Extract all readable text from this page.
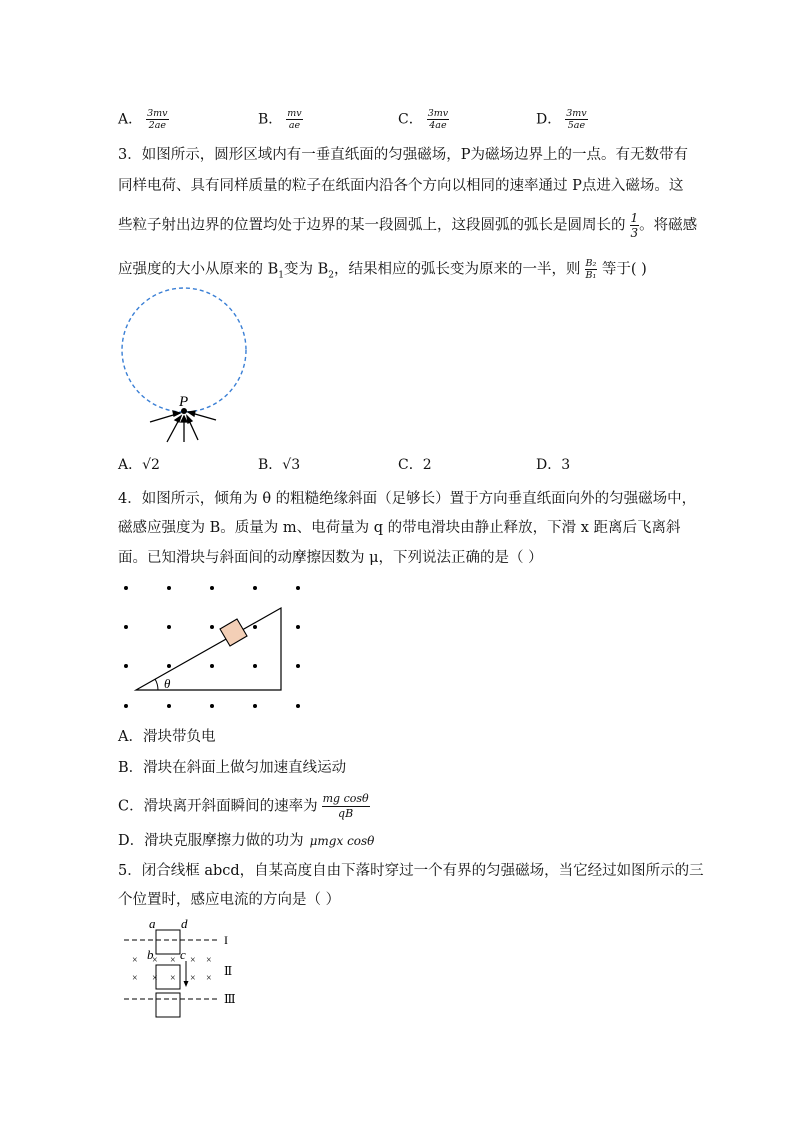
A． $\frac{3mv}{2ae}$	B． $\frac{mv}{ae}$	C． $\frac{3mv}{4ae}$	D． $\frac{3mv}{5ae}$
3．如图所示，圆形区域内有一垂直纸面的匀强磁场，P为磁场边界上的一点。有无数带有
同样电荷、具有同样质量的粒子在纸面内沿各个方向以相同的速率通过 P点进入磁场。这
些粒子射出边界的位置均处于边界的某一段圆弧上，这段圆弧的弧长是圆周长的 $\frac{1}{3}$ 。将磁感
应强度的大小从原来的 $B_1$变为 $B_2$，结果相应的弧长变为原来的一半，则 $\frac{\text{B₂}}{\text{B₁}}$ 等于( )
P
A．√2	B．√3	C．2	D．3
4．如图所示，倾角为 θ 的粗糙绝缘斜面（足够长）置于方向垂直纸面向外的匀强磁场中，
磁感应强度为 B。质量为 m、电荷量为 q 的带电滑块由静止释放，下滑 x 距离后飞离斜
面。已知滑块与斜面间的动摩擦因数为 μ，下列说法正确的是（ ）
θ
A．滑块带负电
B．滑块在斜面上做匀加速直线运动
C．滑块离开斜面瞬间的速率为 $\frac{\text{mg cosθ}}{qB}$
D．滑块克服摩擦力做的功为 μmgx cosθ
5．闭合线框 abcd，自某高度自由下落时穿过一个有界的匀强磁场，当它经过如图所示的三
个位置时，感应电流的方向是（ ）
× × × × ×
× × × × ×
a d
b c
I
Ⅱ
Ⅲ
